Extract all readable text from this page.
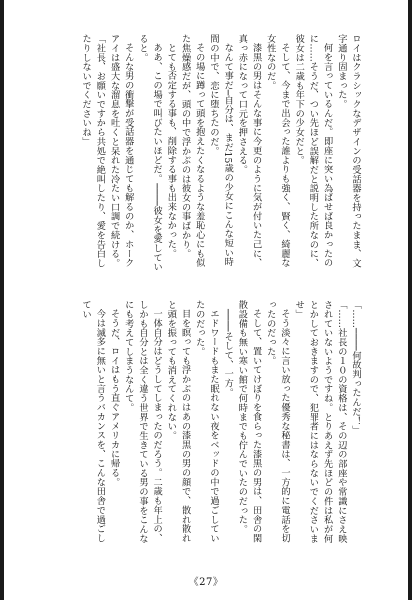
ロイはクラシックなデザインの受話器を持ったまま、文字通り固まった。

何を言っているんだ。即座に突い為ばせば良かったのに……そうだ、つい先ほど誤解だと説明した所なのに、彼女は二歳も年下の少女だと。

そして、今まで出会った誰よりも強く、賢く、綺麗な女性なのだ。

漆黒の男はそんな事に今更のように気が付いた己に、真っ赤になって口元を押さえる。

なんて事だ─自分は、まだ15歳の少女にこんな短い時間の中で、恋に堕ちたのだ。

その場に蹲って頭を抱えたくなるような羞恥心にも似た焦燥感だが、頭の中で浮かぶのは彼女の事ばかり。

とても否定する事も、削除する事も出来なかった。

ああ、この場で叫びたいほどだ。────彼女を愛していると。

そんな男の衝撃が受話器を通じても解るのか、ホークアイは盛大な溜息を吐くと呆れた冷たい口調で続ける。

「社長、お願いですから共処で絶叫したり、愛を告白したりしないでくださいね」

「……────何故判ったんだ！」

「……社長の１０の資格は、その辺の部座や常識にさえ映されていないようですね。とりあえず先ほどの件は私が何とかしておきますので、犯罪者にはならないでくださいませ」

そう淡々に言い放った優秀な秘書は、一方的に電話を切ったのだった。

そして、置いてけぼりを食らった漆黒の男は、田舎の閑散設備も無い寒い館で何時までも佇んでいたのだった。

────そして、一方。

エドワードもまた眠れない夜をベッドの中で過ごしていたのだった。

目を瞑っても浮かぶのはあの漆黒の男の顔で、散れ散れと頭を振っても消えてくれない。

一体自分はどうしてしまったのだろう。二歳も年上の、しかも自分とは全く違う世界で生きている男の事をこんなにも考えてしまうなんて。

そうだ、ロイはもう直ぐアメリカに帰る。

今は滅多に無いと言うバカンスを、こんな田舎で過ごしてい

《27》
